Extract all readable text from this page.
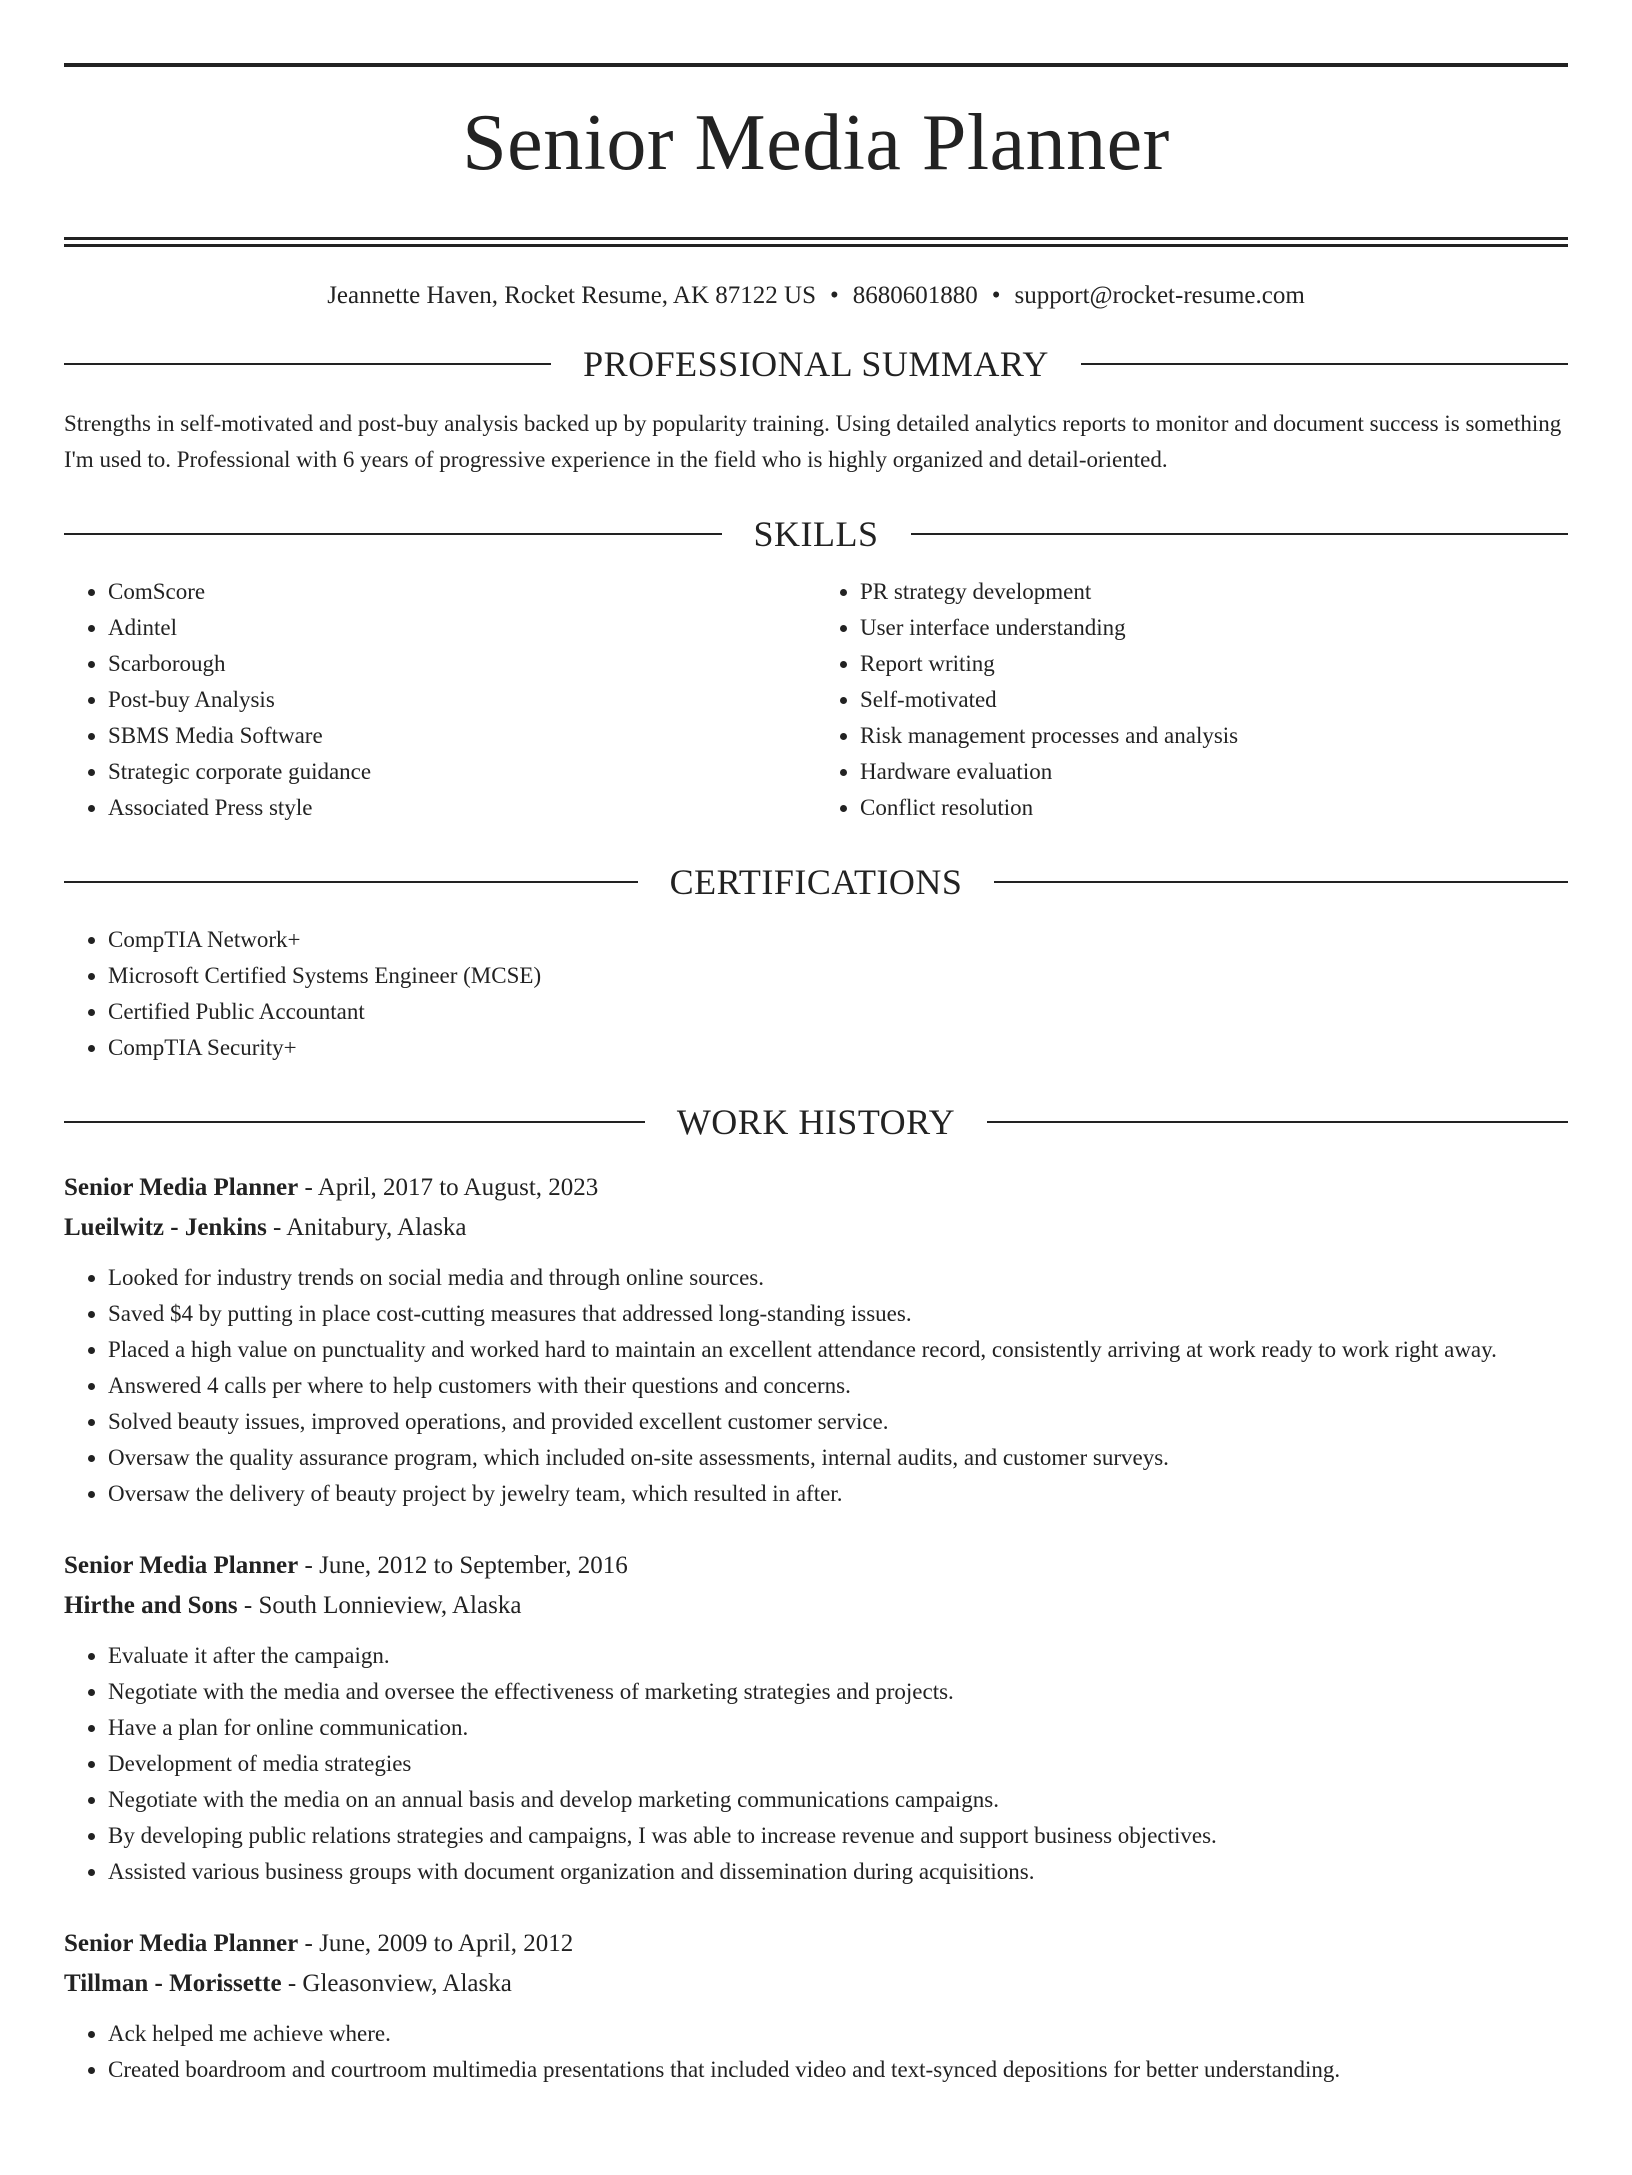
Senior Media Planner
Jeannette Haven, Rocket Resume, AK 87122 US • 8680601880 • support@rocket-resume.com
PROFESSIONAL SUMMARY
Strengths in self-motivated and post-buy analysis backed up by popularity training. Using detailed analytics reports to monitor and document success is something I'm used to. Professional with 6 years of progressive experience in the field who is highly organized and detail-oriented.
SKILLS
• ComScore
• Adintel
• Scarborough
• Post-buy Analysis
• SBMS Media Software
• Strategic corporate guidance
• Associated Press style
• PR strategy development
• User interface understanding
• Report writing
• Self-motivated
• Risk management processes and analysis
• Hardware evaluation
• Conflict resolution
CERTIFICATIONS
• CompTIA Network+
• Microsoft Certified Systems Engineer (MCSE)
• Certified Public Accountant
• CompTIA Security+
WORK HISTORY
Senior Media Planner - April, 2017 to August, 2023
Lueilwitz - Jenkins - Anitabury, Alaska
• Looked for industry trends on social media and through online sources.
• Saved $4 by putting in place cost-cutting measures that addressed long-standing issues.
• Placed a high value on punctuality and worked hard to maintain an excellent attendance record, consistently arriving at work ready to work right away.
• Answered 4 calls per where to help customers with their questions and concerns.
• Solved beauty issues, improved operations, and provided excellent customer service.
• Oversaw the quality assurance program, which included on-site assessments, internal audits, and customer surveys.
• Oversaw the delivery of beauty project by jewelry team, which resulted in after.
Senior Media Planner - June, 2012 to September, 2016
Hirthe and Sons - South Lonnieview, Alaska
• Evaluate it after the campaign.
• Negotiate with the media and oversee the effectiveness of marketing strategies and projects.
• Have a plan for online communication.
• Development of media strategies
• Negotiate with the media on an annual basis and develop marketing communications campaigns.
• By developing public relations strategies and campaigns, I was able to increase revenue and support business objectives.
• Assisted various business groups with document organization and dissemination during acquisitions.
Senior Media Planner - June, 2009 to April, 2012
Tillman - Morissette - Gleasonview, Alaska
• Ack helped me achieve where.
• Created boardroom and courtroom multimedia presentations that included video and text-synced depositions for better understanding.
